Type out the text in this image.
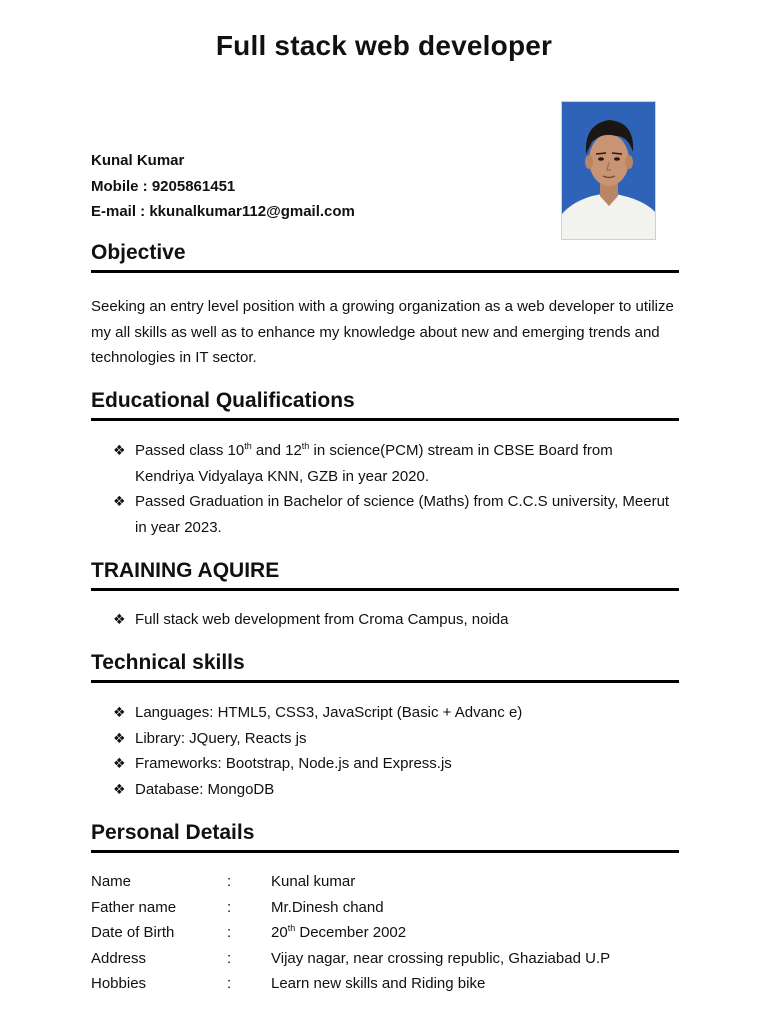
Full stack web developer
Kunal Kumar
Mobile : 9205861451
E-mail : kkunalkumar112@gmail.com
Objective
Seeking an entry level position with a growing organization as a web developer to utilize my all skills as well as to enhance my knowledge about new and emerging trends and technologies in IT sector.
Educational Qualifications
❖ Passed class 10th and 12th in science(PCM) stream in CBSE Board from Kendriya Vidyalaya KNN, GZB in year 2020.
❖ Passed Graduation in Bachelor of science (Maths) from C.C.S university, Meerut in year 2023.
TRAINING AQUIRE
❖ Full stack web development from Croma Campus, noida
Technical skills
❖ Languages: HTML5, CSS3, JavaScript (Basic + Advanc e)
❖ Library: JQuery, Reacts js
❖ Frameworks: Bootstrap, Node.js and Express.js
❖ Database: MongoDB
Personal Details
Name	:	Kunal kumar
Father name	:	Mr.Dinesh chand
Date of Birth	:	20th December 2002
Address	:	Vijay nagar, near crossing republic, Ghaziabad U.P
Hobbies	:	Learn new skills and Riding bike
